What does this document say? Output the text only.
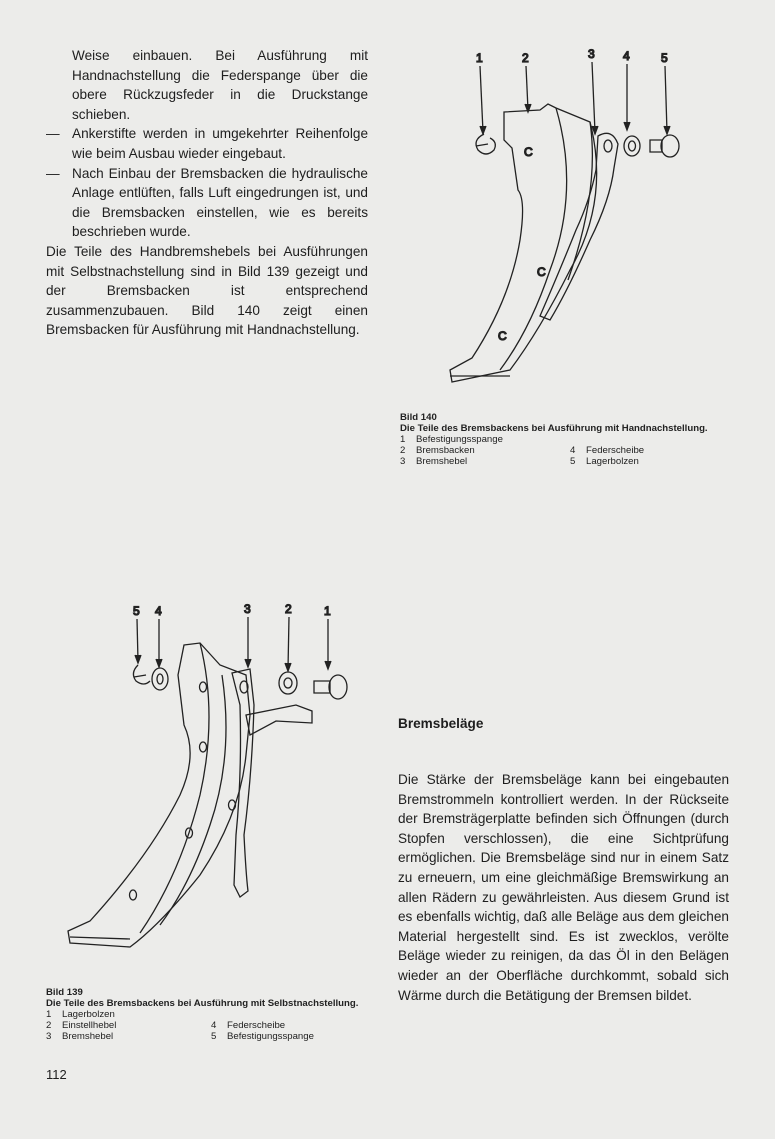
Weise einbauen. Bei Ausführung mit Handnachstellung die Federspange über die obere Rückzugsfeder in die Druckstange schieben.
— Ankerstifte werden in umgekehrter Reihenfolge wie beim Ausbau wieder eingebaut.
— Nach Einbau der Bremsbacken die hydraulische Anlage entlüften, falls Luft eingedrungen ist, und die Bremsbacken einstellen, wie es bereits beschrieben wurde.
Die Teile des Handbremshebels bei Ausführungen mit Selbstnachstellung sind in Bild 139 gezeigt und der Bremsbacken ist entsprechend zusammenzubauen. Bild 140 zeigt einen Bremsbacken für Ausführung mit Handnachstellung.
1	2	3 4	5
C
C
C
Bild 140
Die Teile des Bremsbackens bei Ausführung mit Handnachstellung.
1	Befestigungsspange
2	Bremsbacken
3	Bremshebel
4	Federscheibe
5	Lagerbolzen
5 4	3	2	1
Bild 139
Die Teile des Bremsbackens bei Ausführung mit Selbstnachstellung.
1	Lagerbolzen
2	Einstellhebel
3	Bremshebel
4	Federscheibe
5	Befestigungsspange
Bremsbeläge
Die Stärke der Bremsbeläge kann bei eingebauten Bremstrommeln kontrolliert werden. In der Rückseite der Bremsträgerplatte befinden sich Öffnungen (durch Stopfen verschlossen), die eine Sichtprüfung ermöglichen. Die Bremsbeläge sind nur in einem Satz zu erneuern, um eine gleichmäßige Bremswirkung an allen Rädern zu gewährleisten. Aus diesem Grund ist es ebenfalls wichtig, daß alle Beläge aus dem gleichen Material hergestellt sind. Es ist zwecklos, verölte Beläge wieder zu reinigen, da das Öl in den Belägen wieder an der Oberfläche durchkommt, sobald sich Wärme durch die Betätigung der Bremsen bildet.
112
